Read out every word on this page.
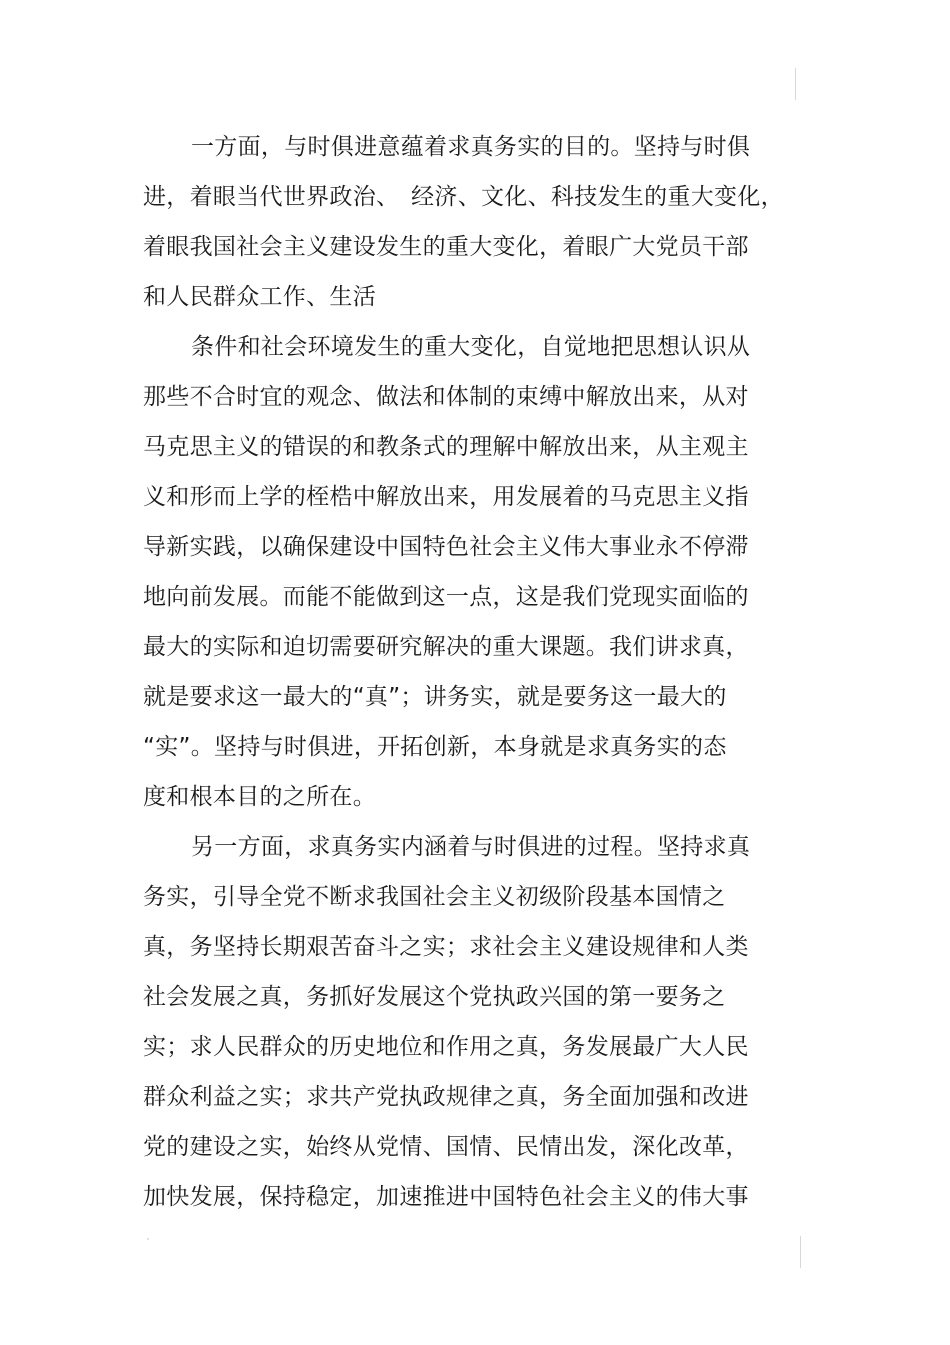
一方面，与时俱进意蕴着求真务实的目的。坚持与时俱
进，着眼当代世界政治、　经济、文化、科技发生的重大变化，
着眼我国社会主义建设发生的重大变化，着眼广大党员干部
和人民群众工作、生活
条件和社会环境发生的重大变化，自觉地把思想认识从
那些不合时宜的观念、做法和体制的束缚中解放出来，从对
马克思主义的错误的和教条式的理解中解放出来，从主观主
义和形而上学的桎梏中解放出来，用发展着的马克思主义指
导新实践，以确保建设中国特色社会主义伟大事业永不停滞
地向前发展。而能不能做到这一点，这是我们党现实面临的
最大的实际和迫切需要研究解决的重大课题。我们讲求真，
就是要求这一最大的“真”；讲务实，就是要务这一最大的
“实”。坚持与时俱进，开拓创新，本身就是求真务实的态
度和根本目的之所在。
另一方面，求真务实内涵着与时俱进的过程。坚持求真
务实，引导全党不断求我国社会主义初级阶段基本国情之
真，务坚持长期艰苦奋斗之实；求社会主义建设规律和人类
社会发展之真，务抓好发展这个党执政兴国的第一要务之
实；求人民群众的历史地位和作用之真，务发展最广大人民
群众利益之实；求共产党执政规律之真，务全面加强和改进
党的建设之实，始终从党情、国情、民情出发，深化改革，
加快发展，保持稳定，加速推进中国特色社会主义的伟大事
